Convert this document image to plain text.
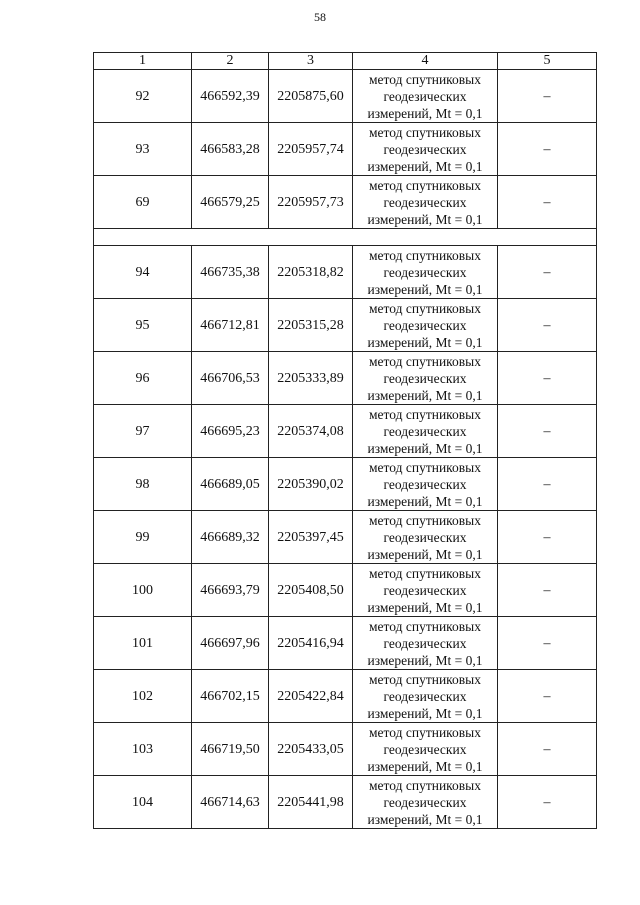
58
1	2	3	4	5
92	466592,39	2205875,60	метод спутниковых
геодезических
измерений, Mt = 0,1	–
93	466583,28	2205957,74	метод спутниковых
геодезических
измерений, Mt = 0,1	–
69	466579,25	2205957,73	метод спутниковых
геодезических
измерений, Mt = 0,1	–

94	466735,38	2205318,82	метод спутниковых
геодезических
измерений, Mt = 0,1	–
95	466712,81	2205315,28	метод спутниковых
геодезических
измерений, Mt = 0,1	–
96	466706,53	2205333,89	метод спутниковых
геодезических
измерений, Mt = 0,1	–
97	466695,23	2205374,08	метод спутниковых
геодезических
измерений, Mt = 0,1	–
98	466689,05	2205390,02	метод спутниковых
геодезических
измерений, Mt = 0,1	–
99	466689,32	2205397,45	метод спутниковых
геодезических
измерений, Mt = 0,1	–
100	466693,79	2205408,50	метод спутниковых
геодезических
измерений, Mt = 0,1	–
101	466697,96	2205416,94	метод спутниковых
геодезических
измерений, Mt = 0,1	–
102	466702,15	2205422,84	метод спутниковых
геодезических
измерений, Mt = 0,1	–
103	466719,50	2205433,05	метод спутниковых
геодезических
измерений, Mt = 0,1	–
104	466714,63	2205441,98	метод спутниковых
геодезических
измерений, Mt = 0,1	–
